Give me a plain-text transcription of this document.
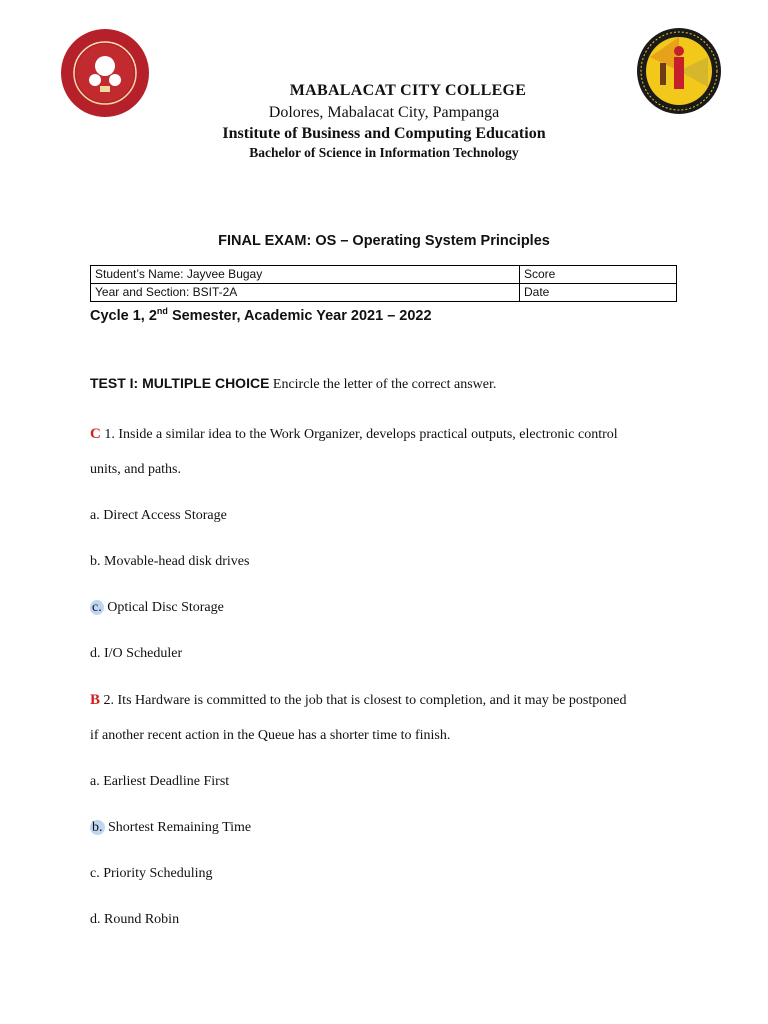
MABALACAT CITY COLLEGE
Dolores, Mabalacat City, Pampanga
Institute of Business and Computing Education
Bachelor of Science in Information Technology
FINAL EXAM: OS – Operating System Principles
Student’s Name: Jayvee Bugay	Score
Year and Section: BSIT-2A	Date
Cycle 1, 2nd Semester, Academic Year 2021 – 2022
TEST I: MULTIPLE CHOICE Encircle the letter of the correct answer.
C 1. Inside a similar idea to the Work Organizer, develops practical outputs, electronic control
units, and paths.
a. Direct Access Storage
b. Movable-head disk drives
c. Optical Disc Storage
d. I/O Scheduler
B 2. Its Hardware is committed to the job that is closest to completion, and it may be postponed
if another recent action in the Queue has a shorter time to finish.
a. Earliest Deadline First
b. Shortest Remaining Time
c. Priority Scheduling
d. Round Robin
